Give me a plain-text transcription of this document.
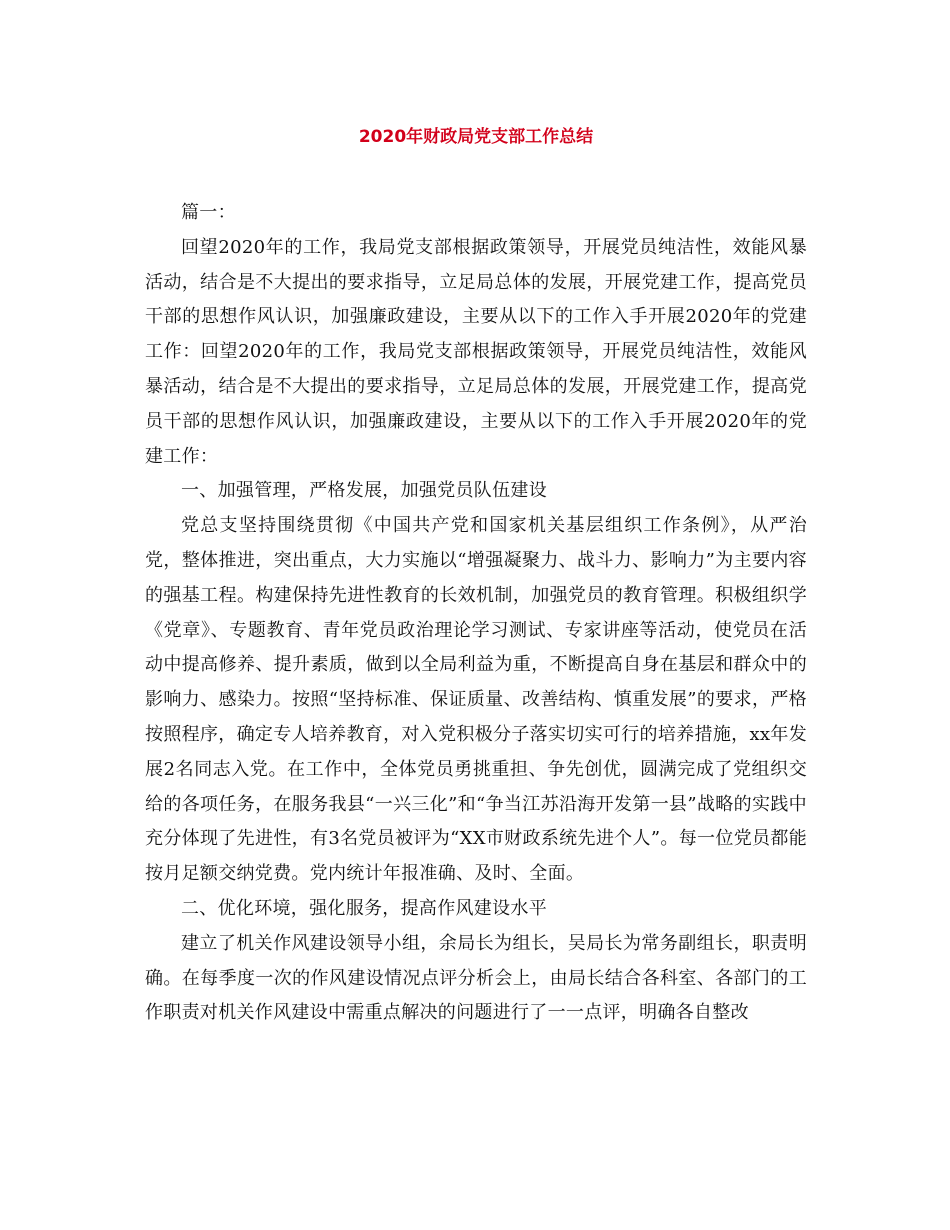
2020年财政局党支部工作总结

篇一：

回望2020年的工作，我局党支部根据政策领导，开展党员纯洁性，效能风暴活动，结合是不大提出的要求指导，立足局总体的发展，开展党建工作，提高党员干部的思想作风认识，加强廉政建设，主要从以下的工作入手开展2020年的党建工作：回望2020年的工作，我局党支部根据政策领导，开展党员纯洁性，效能风暴活动，结合是不大提出的要求指导，立足局总体的发展，开展党建工作，提高党员干部的思想作风认识，加强廉政建设，主要从以下的工作入手开展2020年的党建工作：

一、加强管理，严格发展，加强党员队伍建设

党总支坚持围绕贯彻《中国共产党和国家机关基层组织工作条例》，从严治党，整体推进，突出重点，大力实施以“增强凝聚力、战斗力、影响力”为主要内容的强基工程。构建保持先进性教育的长效机制，加强党员的教育管理。积极组织学《党章》、专题教育、青年党员政治理论学习测试、专家讲座等活动，使党员在活动中提高修养、提升素质，做到以全局利益为重，不断提高自身在基层和群众中的影响力、感染力。按照“坚持标准、保证质量、改善结构、慎重发展”的要求，严格按照程序，确定专人培养教育，对入党积极分子落实切实可行的培养措施，xx年发展2名同志入党。在工作中，全体党员勇挑重担、争先创优，圆满完成了党组织交给的各项任务，在服务我县“一兴三化”和“争当江苏沿海开发第一县”战略的实践中充分体现了先进性，有3名党员被评为“XX市财政系统先进个人”。每一位党员都能按月足额交纳党费。党内统计年报准确、及时、全面。

二、优化环境，强化服务，提高作风建设水平

建立了机关作风建设领导小组，余局长为组长，吴局长为常务副组长，职责明确。在每季度一次的作风建设情况点评分析会上，由局长结合各科室、各部门的工作职责对机关作风建设中需重点解决的问题进行了一一点评，明确各自整改
